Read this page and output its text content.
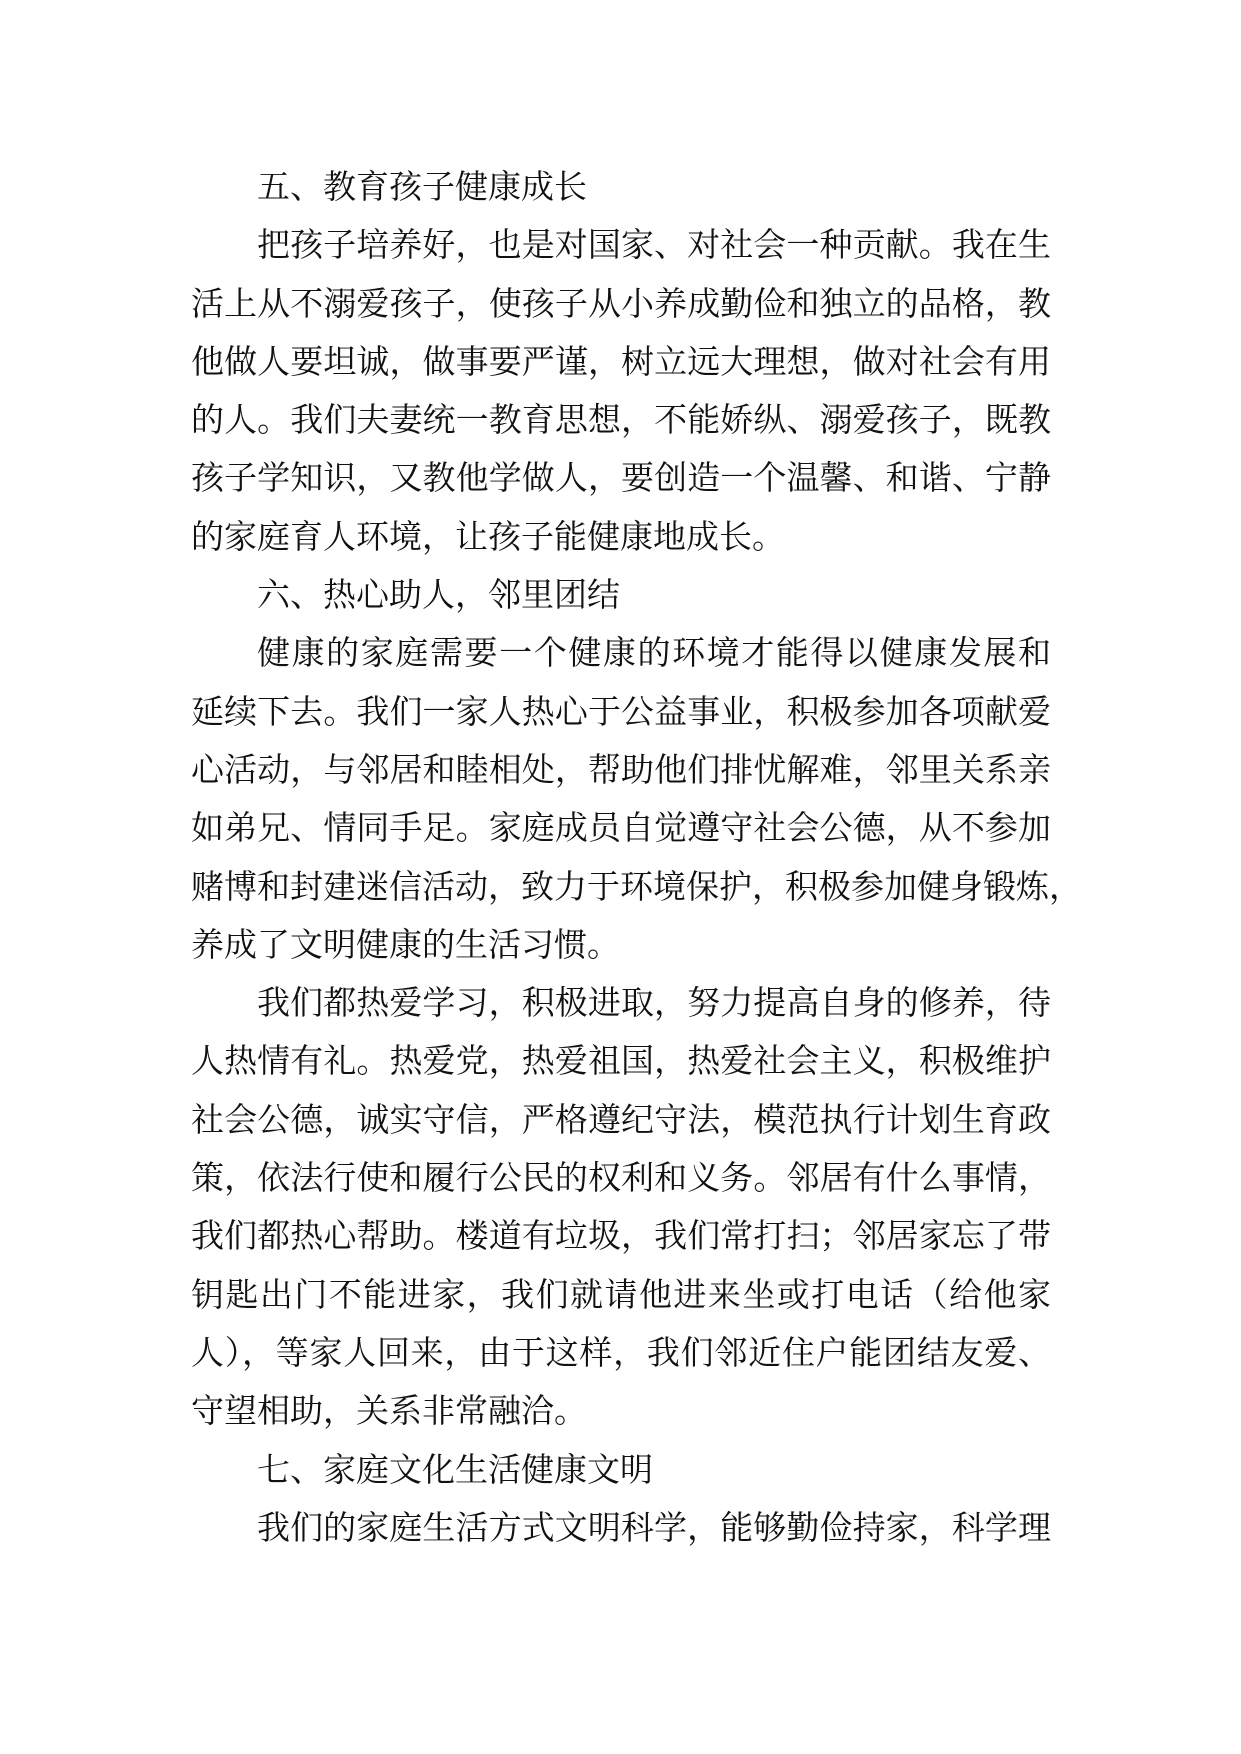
五、教育孩子健康成长
把孩子培养好，也是对国家、对社会一种贡献。我在生
活上从不溺爱孩子，使孩子从小养成勤俭和独立的品格，教
他做人要坦诚，做事要严谨，树立远大理想，做对社会有用
的人。我们夫妻统一教育思想，不能娇纵、溺爱孩子，既教
孩子学知识，又教他学做人，要创造一个温馨、和谐、宁静
的家庭育人环境，让孩子能健康地成长。
六、热心助人，邻里团结
健康的家庭需要一个健康的环境才能得以健康发展和
延续下去。我们一家人热心于公益事业，积极参加各项献爱
心活动，与邻居和睦相处，帮助他们排忧解难，邻里关系亲
如弟兄、情同手足。家庭成员自觉遵守社会公德，从不参加
赌博和封建迷信活动，致力于环境保护，积极参加健身锻炼，
养成了文明健康的生活习惯。
我们都热爱学习，积极进取，努力提高自身的修养，待
人热情有礼。热爱党，热爱祖国，热爱社会主义，积极维护
社会公德，诚实守信，严格遵纪守法，模范执行计划生育政
策，依法行使和履行公民的权利和义务。邻居有什么事情，
我们都热心帮助。楼道有垃圾，我们常打扫；邻居家忘了带
钥匙出门不能进家，我们就请他进来坐或打电话（给他家
人），等家人回来，由于这样，我们邻近住户能团结友爱、
守望相助，关系非常融洽。
七、家庭文化生活健康文明
我们的家庭生活方式文明科学，能够勤俭持家，科学理
